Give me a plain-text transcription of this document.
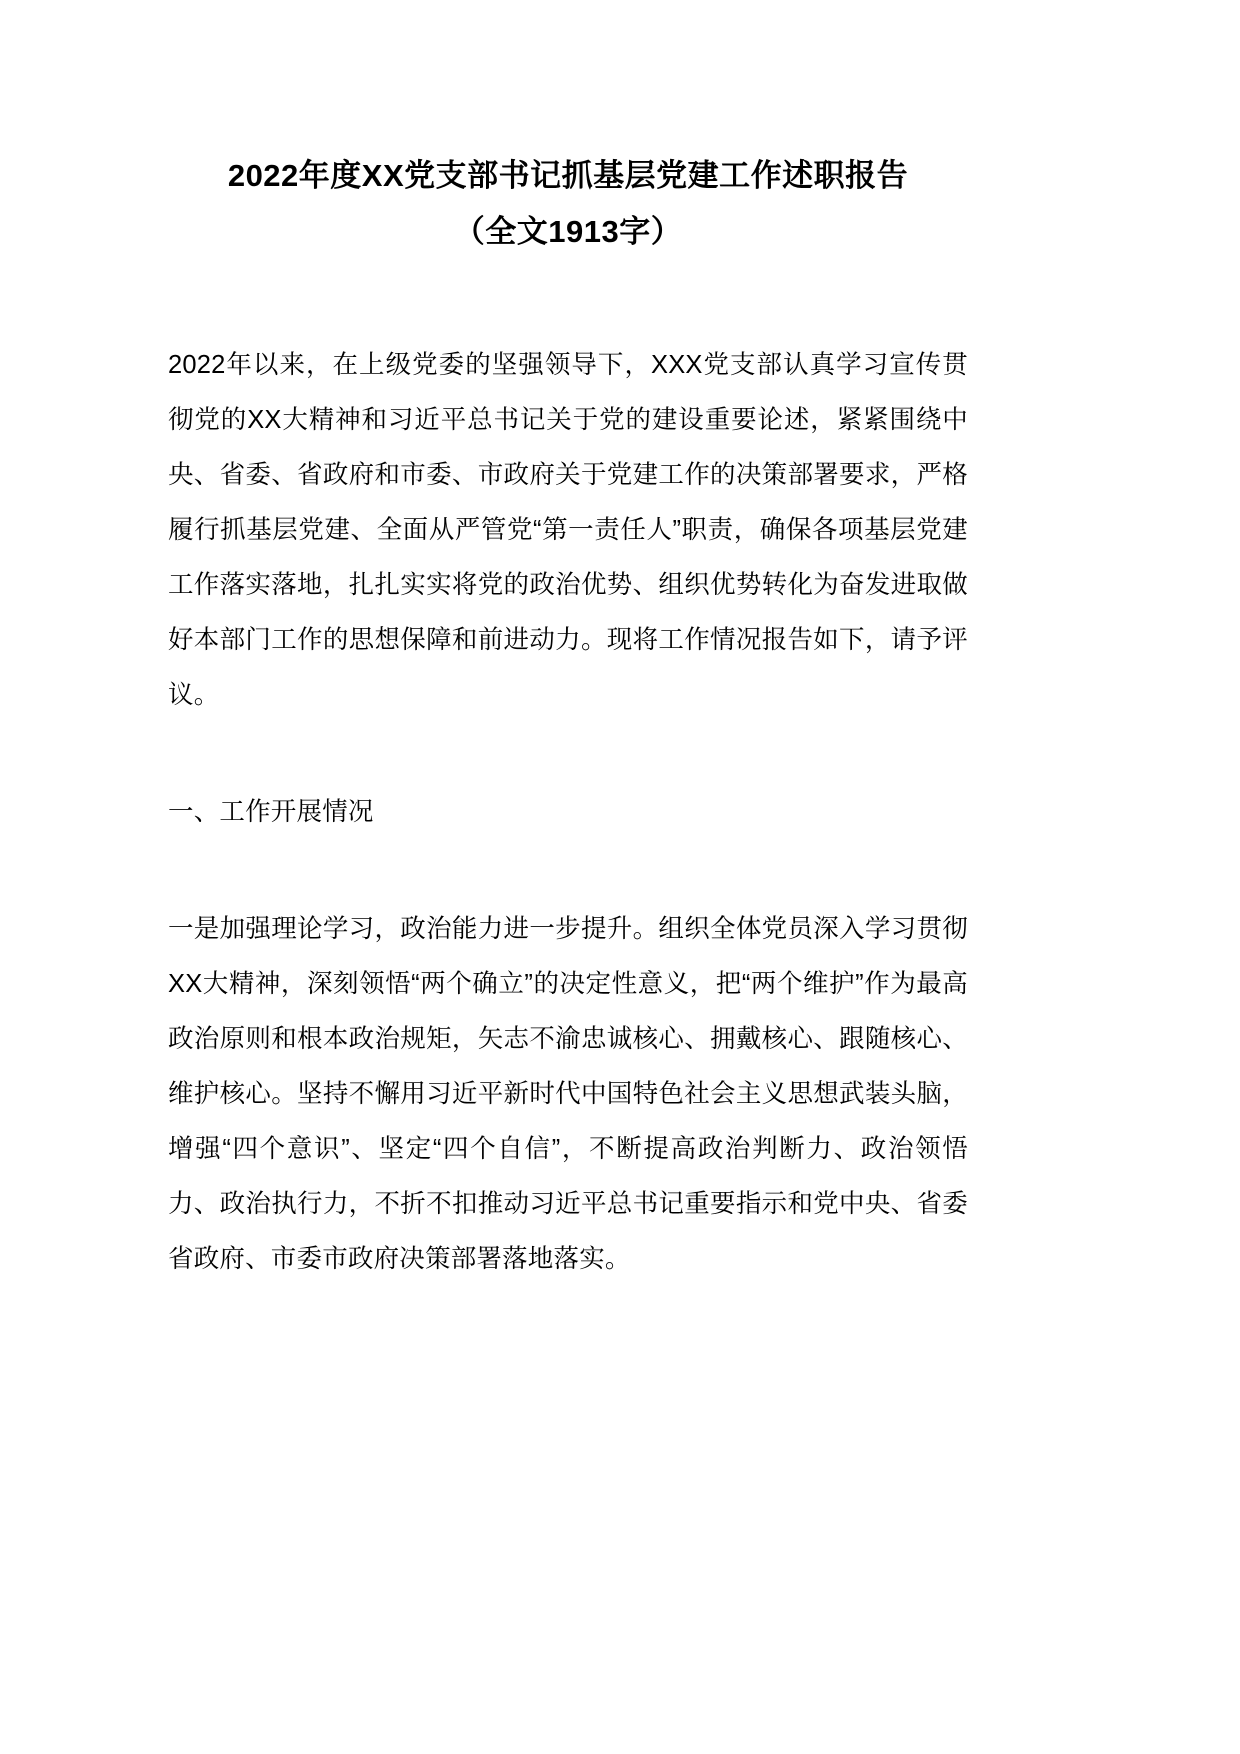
2022年度XX党支部书记抓基层党建工作述职报告
（全文1913字）

2022年以来，在上级党委的坚强领导下，XXX党支部认真学习宣传贯彻党的XX大精神和习近平总书记关于党的建设重要论述，紧紧围绕中央、省委、省政府和市委、市政府关于党建工作的决策部署要求，严格履行抓基层党建、全面从严管党“第一责任人”职责，确保各项基层党建工作落实落地，扎扎实实将党的政治优势、组织优势转化为奋发进取做好本部门工作的思想保障和前进动力。现将工作情况报告如下，请予评议。

一、工作开展情况

一是加强理论学习，政治能力进一步提升。组织全体党员深入学习贯彻XX大精神，深刻领悟“两个确立”的决定性意义，把“两个维护”作为最高政治原则和根本政治规矩，矢志不渝忠诚核心、拥戴核心、跟随核心、维护核心。坚持不懈用习近平新时代中国特色社会主义思想武装头脑，增强“四个意识”、坚定“四个自信”，不断提高政治判断力、政治领悟力、政治执行力，不折不扣推动习近平总书记重要指示和党中央、省委省政府、市委市政府决策部署落地落实。
